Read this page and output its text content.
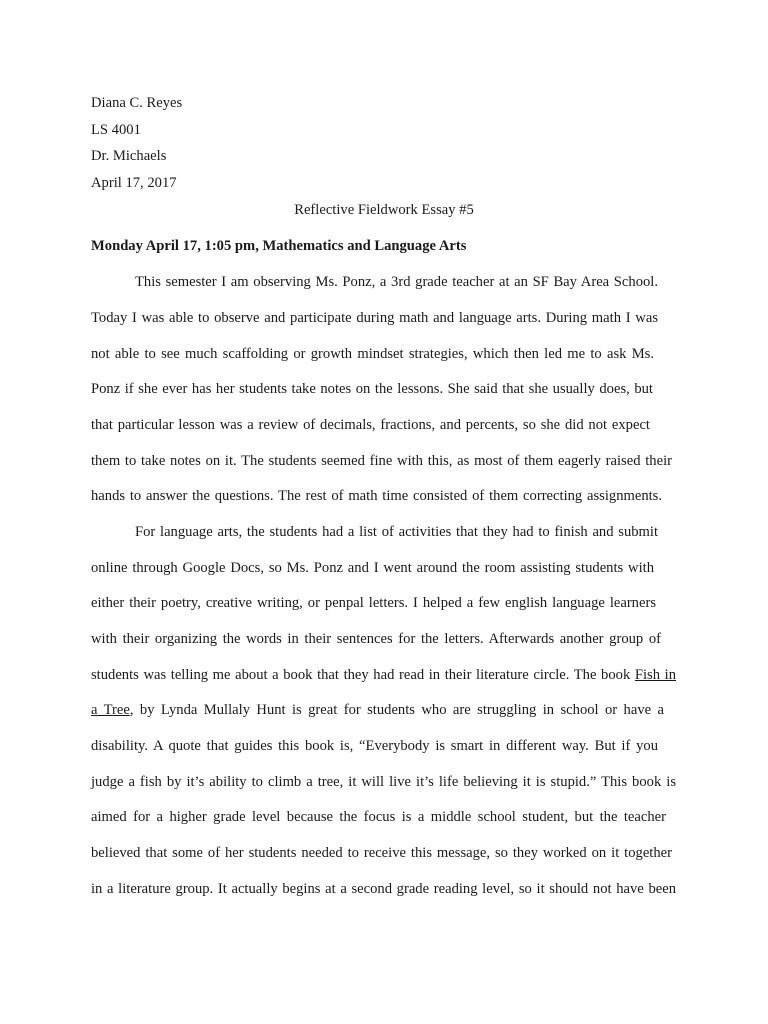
Diana C. Reyes
LS 4001
Dr. Michaels
April 17, 2017
Reflective Fieldwork Essay #5
Monday April 17, 1:05 pm, Mathematics and Language Arts
This semester I am observing Ms. Ponz, a 3rd grade teacher at an SF Bay Area School.
Today I was able to observe and participate during math and language arts. During math I was
not able to see much scaffolding or growth mindset strategies, which then led me to ask Ms.
Ponz if she ever has her students take notes on the lessons. She said that she usually does, but
that particular lesson was a review of decimals, fractions, and percents, so she did not expect
them to take notes on it. The students seemed fine with this, as most of them eagerly raised their
hands to answer the questions. The rest of math time consisted of them correcting assignments.
For language arts, the students had a list of activities that they had to finish and submit
online through Google Docs, so Ms. Ponz and I went around the room assisting students with
either their poetry, creative writing, or penpal letters. I helped a few english language learners
with their organizing the words in their sentences for the letters. Afterwards another group of
students was telling me about a book that they had read in their literature circle. The book Fish in
a Tree, by Lynda Mullaly Hunt is great for students who are struggling in school or have a
disability. A quote that guides this book is, “Everybody is smart in different way. But if you
judge a fish by it’s ability to climb a tree, it will live it’s life believing it is stupid.” This book is
aimed for a higher grade level because the focus is a middle school student, but the teacher
believed that some of her students needed to receive this message, so they worked on it together
in a literature group. It actually begins at a second grade reading level, so it should not have been
